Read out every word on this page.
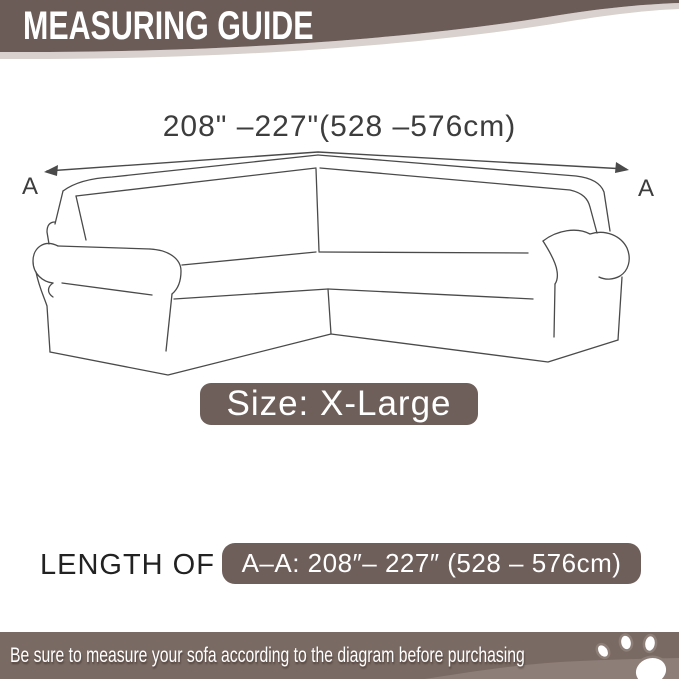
MEASURING GUIDE
208" –227"(528 –576cm)
A	A
Size: X-Large
LENGTH OF	A–A: 208″– 227″ (528 – 576cm)
Be sure to measure your sofa according to the diagram before purchasing
